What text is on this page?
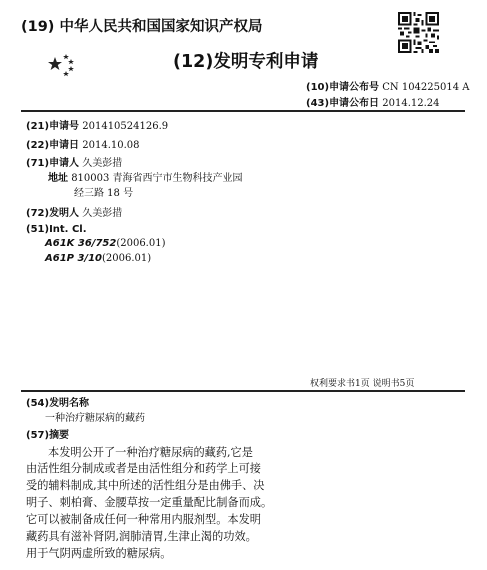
(19) 中华人民共和国国家知识产权局
(12)发明专利申请
(10)申请公布号 CN 104225014 A
(43)申请公布日 2014.12.24
(21)申请号 201410524126.9
(22)申请日 2014.10.08
(71)申请人 久美彭措
地址 810003 青海省西宁市生物科技产业园
经三路 18 号
(72)发明人 久美彭措
(51)Int. Cl.
A61K 36/752(2006.01)
A61P 3/10(2006.01)
权利要求书1页 说明书5页
(54)发明名称
一种治疗糖尿病的藏药
(57)摘要
本发明公开了一种治疗糖尿病的藏药,它是
由活性组分制成或者是由活性组分和药学上可接
受的辅料制成,其中所述的活性组分是由佛手、决
明子、刺柏膏、金腰草按一定重量配比制备而成。
它可以被制备成任何一种常用内服剂型。本发明
藏药具有滋补肾阴,润肺清胃,生津止渴的功效。
用于气阴两虚所致的糖尿病。
